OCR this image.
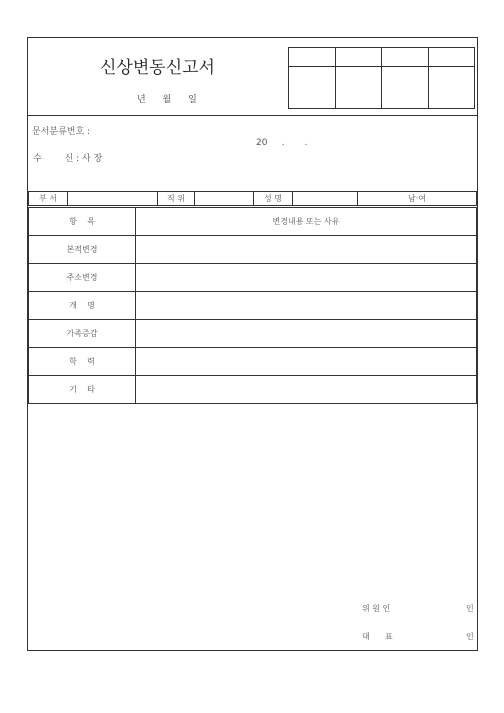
신상변동신고서
년 월 일

문서분류번호 :
20     .       .
수        신 : 사 장
부 서		직 위		성 명		남·여
항    목	변경내용 또는 사유
본적변경	
주소변경	
개    명	
가족증감	
학    력	
기    타	
위 원 인	인
대      표	인
